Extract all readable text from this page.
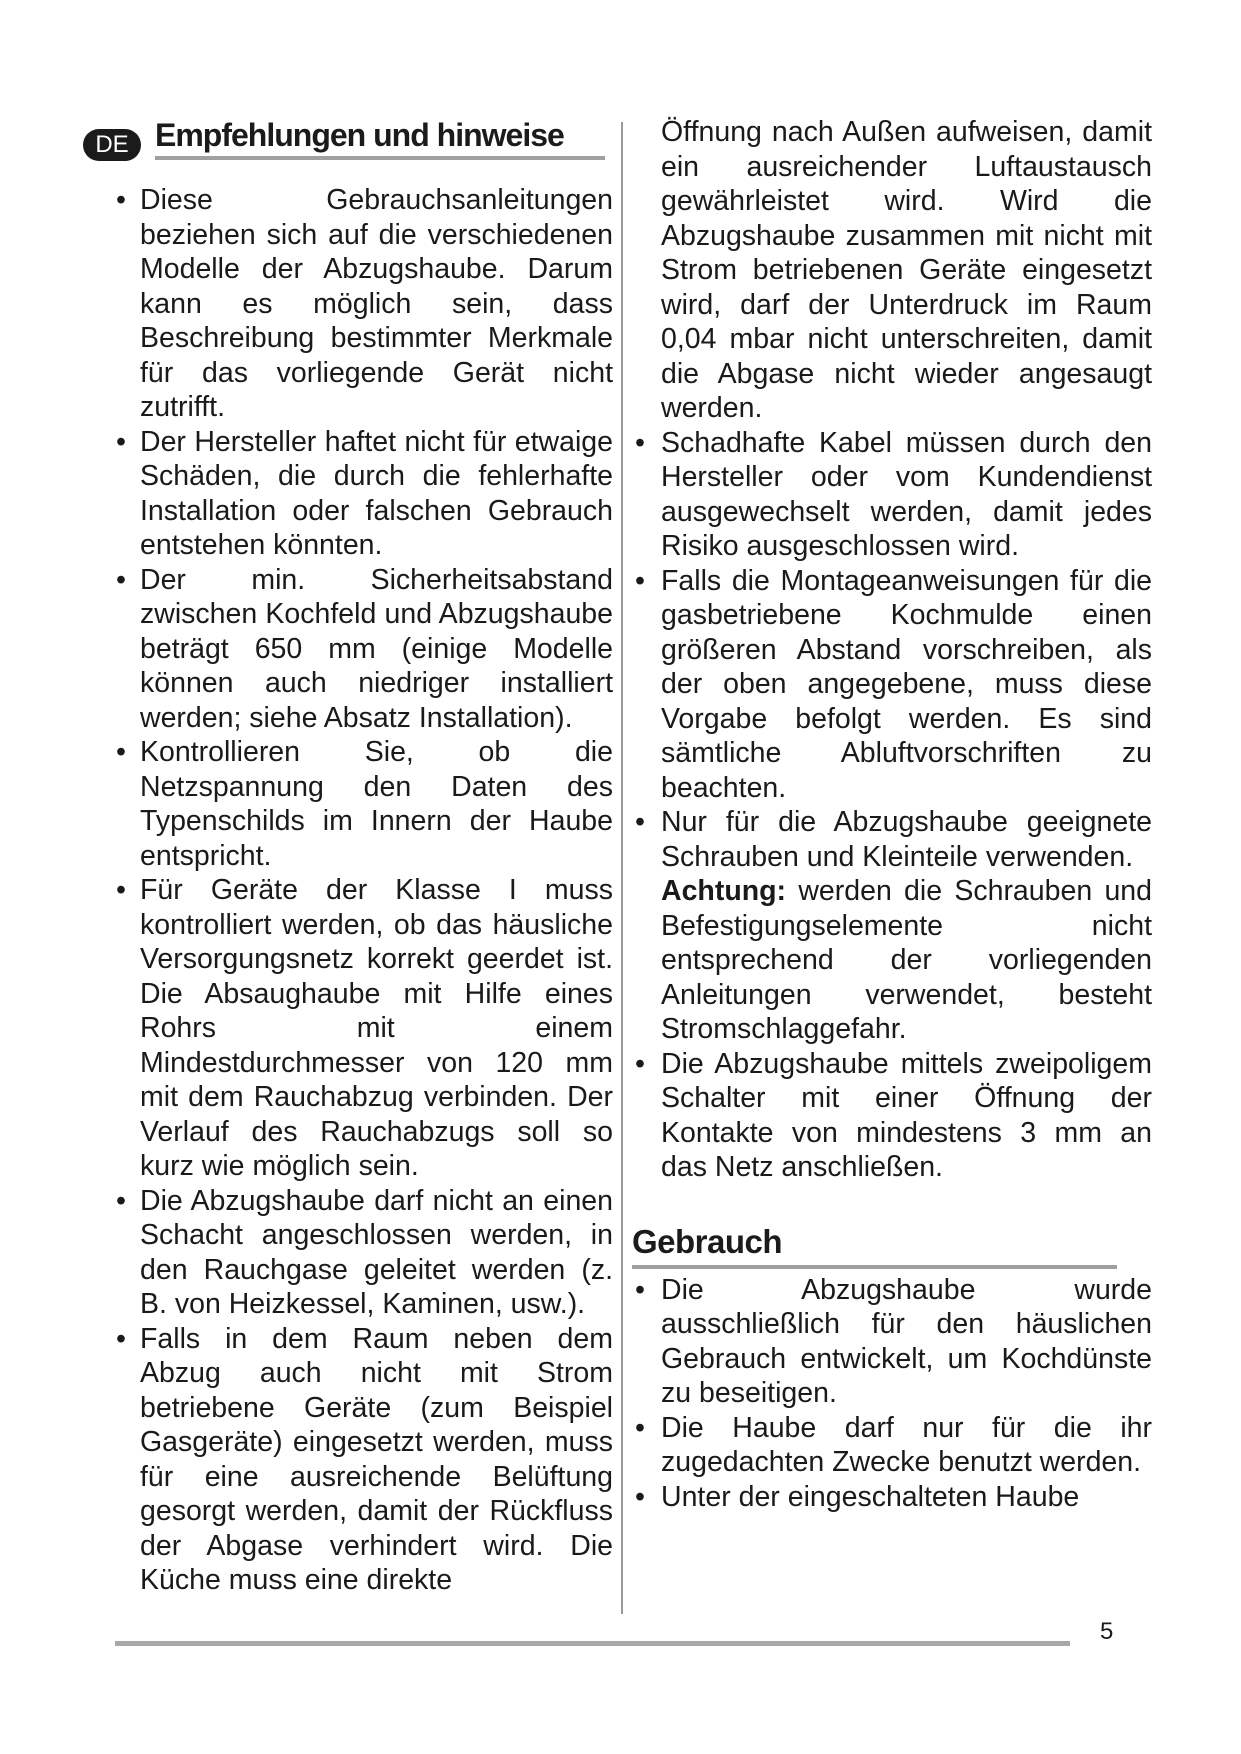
DE Empfehlungen und hinweise
• Diese Gebrauchsanleitungen beziehen sich auf die verschiedenen Modelle der Abzugshaube. Darum kann es möglich sein, dass Beschreibung bestimmter Merkmale für das vorliegende Gerät nicht zutrifft.
• Der Hersteller haftet nicht für etwaige Schäden, die durch die fehlerhafte Installation oder falschen Gebrauch entstehen könnten.
• Der min. Sicherheitsabstand zwischen Kochfeld und Abzugshaube beträgt 650 mm (einige Modelle können auch niedriger installiert werden; siehe Absatz Installation).
• Kontrollieren Sie, ob die Netzspannung den Daten des Typenschilds im Innern der Haube entspricht.
• Für Geräte der Klasse I muss kontrolliert werden, ob das häusliche Versorgungsnetz korrekt geerdet ist. Die Absaughaube mit Hilfe eines Rohrs mit einem Mindestdurchmesser von 120 mm mit dem Rauchabzug verbinden. Der Verlauf des Rauchabzugs soll so kurz wie möglich sein.
• Die Abzugshaube darf nicht an einen Schacht angeschlossen werden, in den Rauchgase geleitet werden (z. B. von Heizkessel, Kaminen, usw.).
• Falls in dem Raum neben dem Abzug auch nicht mit Strom betriebene Geräte (zum Beispiel Gasgeräte) eingesetzt werden, muss für eine ausreichende Belüftung gesorgt werden, damit der Rückfluss der Abgase verhindert wird. Die Küche muss eine direkte
Öffnung nach Außen aufweisen, damit ein ausreichender Luftaustausch gewährleistet wird. Wird die Abzugshaube zusammen mit nicht mit Strom betriebenen Geräte eingesetzt wird, darf der Unterdruck im Raum 0,04 mbar nicht unterschreiten, damit die Abgase nicht wieder angesaugt werden.
• Schadhafte Kabel müssen durch den Hersteller oder vom Kundendienst ausgewechselt werden, damit jedes Risiko ausgeschlossen wird.
• Falls die Montageanweisungen für die gasbetriebene Kochmulde einen größeren Abstand vorschreiben, als der oben angegebene, muss diese Vorgabe befolgt werden. Es sind sämtliche Abluftvorschriften zu beachten.
• Nur für die Abzugshaube geeignete Schrauben und Kleinteile verwenden.
Achtung: werden die Schrauben und Befestigungselemente nicht entsprechend der vorliegenden Anleitungen verwendet, besteht Stromschlaggefahr.
• Die Abzugshaube mittels zweipoligem Schalter mit einer Öffnung der Kontakte von mindestens 3 mm an das Netz anschließen.
Gebrauch
• Die Abzugshaube wurde ausschließlich für den häuslichen Gebrauch entwickelt, um Kochdünste zu beseitigen.
• Die Haube darf nur für die ihr zugedachten Zwecke benutzt werden.
• Unter der eingeschalteten Haube
5
